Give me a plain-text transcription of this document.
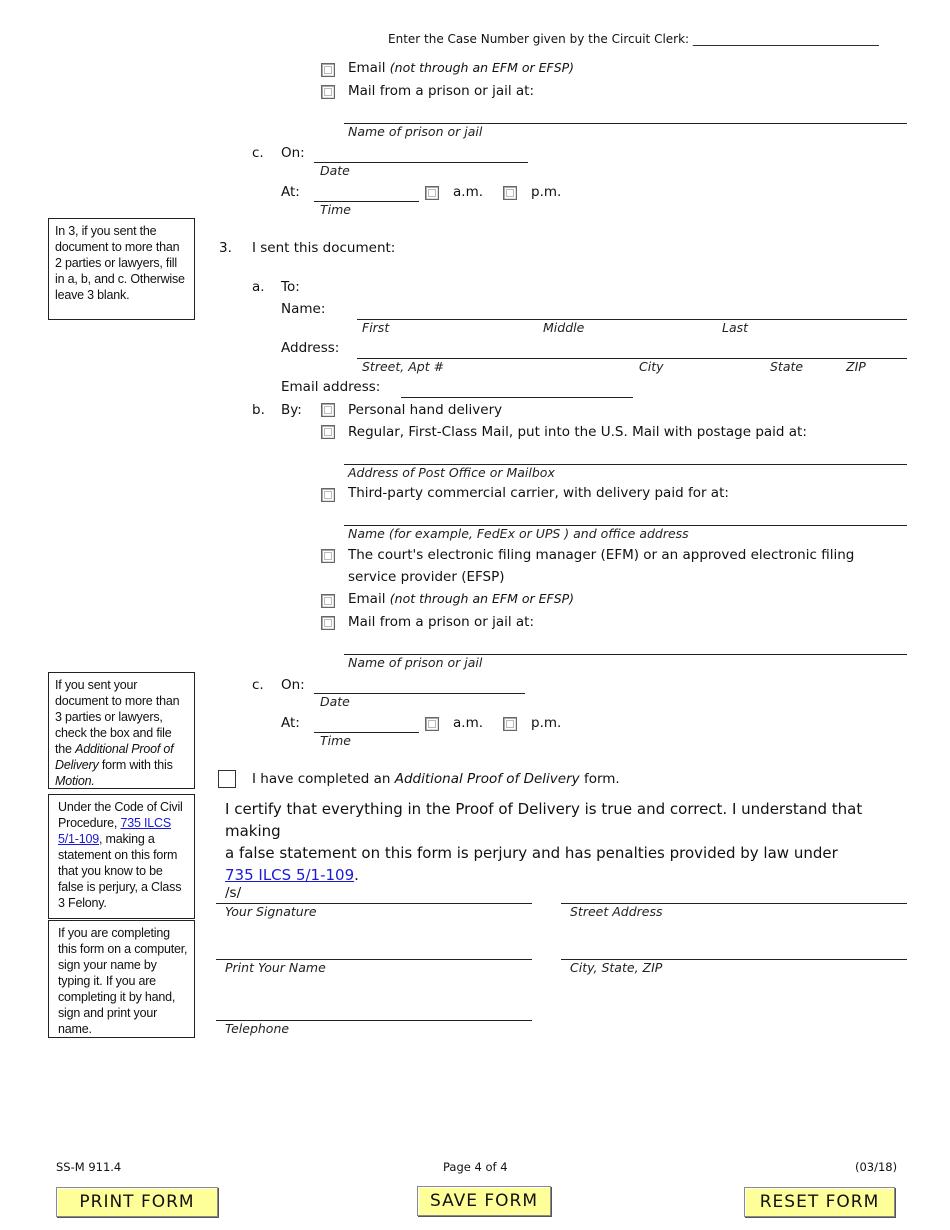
Enter the Case Number given by the Circuit Clerk: _______________________________
Email (not through an EFM or EFSP)
Mail from a prison or jail at:
Name of prison or jail
c. On:
Date
At:
Time
a.m.	p.m.
In 3, if you sent the document to more than 2 parties or lawyers, fill in a, b, and c. Otherwise leave 3 blank.
3. I sent this document:
a. To:
Name:
First	Middle	Last
Address:
Street, Apt #	City	State	ZIP
Email address:
b. By:	Personal hand delivery
Regular, First-Class Mail, put into the U.S. Mail with postage paid at:
Address of Post Office or Mailbox
Third-party commercial carrier, with delivery paid for at:
Name (for example, FedEx or UPS ) and office address
The court's electronic filing manager (EFM) or an approved electronic filing
service provider (EFSP)
Email (not through an EFM or EFSP)
Mail from a prison or jail at:
Name of prison or jail
c. On:
Date
At:
Time
a.m.	p.m.
If you sent your document to more than 3 parties or lawyers, check the box and file the Additional Proof of Delivery form with this Motion.	I have completed an Additional Proof of Delivery form.
Under the Code of Civil Procedure, 735 ILCS 5/1-109, making a statement on this form that you know to be false is perjury, a Class 3 Felony.
If you are completing this form on a computer, sign your name by typing it. If you are completing it by hand, sign and print your name.
I certify that everything in the Proof of Delivery is true and correct. I understand that making
a false statement on this form is perjury and has penalties provided by law under
735 ILCS 5/1-109.
/s/
Your Signature	Street Address
Print Your Name	City, State, ZIP
Telephone
SS-M 911.4	Page 4 of 4	(03/18)
PRINT FORM	SAVE FORM	RESET FORM
